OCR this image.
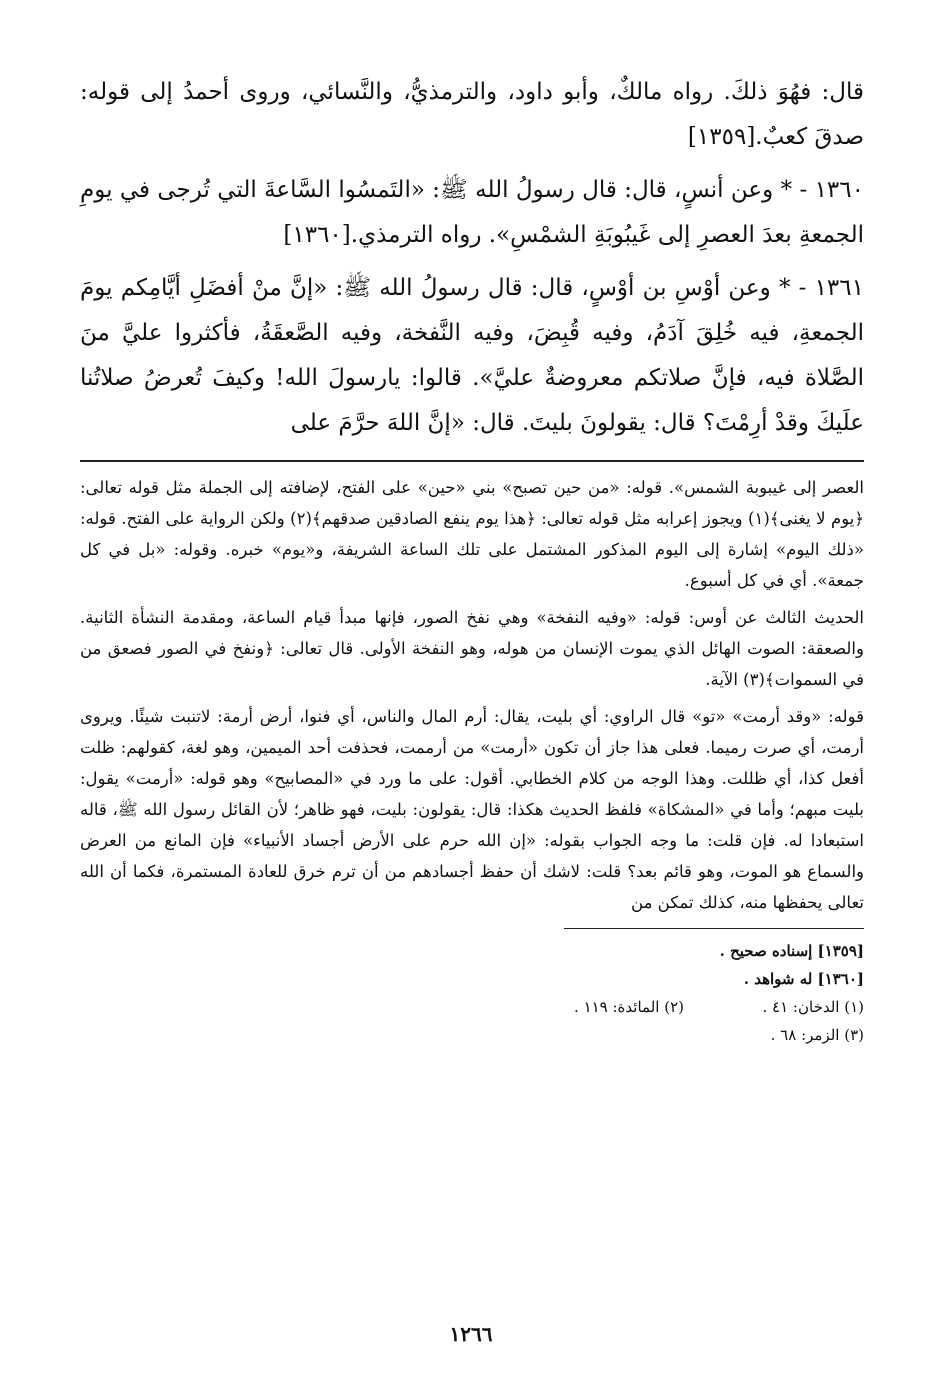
قال: فهُوَ ذلكَ. رواه مالكٌ، وأبو داود، والترمذيُّ، والنَّسائي، وروى أحمدُ إلى قوله: صدقَ كعبٌ.[١٣٥٩]

١٣٦٠ - * وعن أنسٍ، قال: قال رسولُ الله ﷺ: «التَمسُوا السَّاعةَ التي تُرجى في يومِ الجمعةِ بعدَ العصرِ إلى غَيبُوبَةِ الشمْسِ». رواه الترمذي.[١٣٦٠]

١٣٦١ - * وعن أوْسِ بن أوْسٍ، قال: قال رسولُ الله ﷺ: «إنَّ منْ أفضَلِ أيَّامِكم يومَ الجمعةِ، فيه خُلِقَ آدَمُ، وفيه قُبِضَ، وفيه النَّفخة، وفيه الصَّعقَةُ، فأكثروا عليَّ منَ الصَّلاة فيه، فإنَّ صلاتكم معروضةٌ عليَّ». قالوا: يارسولَ الله! وكيفَ تُعرضُ صلاتُنا علَيكَ وقدْ أرِمْتَ؟ قال: يقولونَ بليتَ. قال: «إنَّ اللهَ حرَّمَ على

العصر إلى غيبوبة الشمس». قوله: «من حين تصبح» بني «حين» على الفتح، لإضافته إلى الجملة مثل قوله تعالى: ﴿يوم لا يغنى﴾(١) ويجوز إعرابه مثل قوله تعالى: ﴿هذا يوم ينفع الصادقين صدقهم﴾(٢) ولكن الرواية على الفتح. قوله: «ذلك اليوم» إشارة إلى اليوم المذكور المشتمل على تلك الساعة الشريفة، و«يوم» خبره. وقوله: «بل في كل جمعة». أي في كل أسبوع.

الحديث الثالث عن أوس: قوله: «وفيه النفخة» وهي نفخ الصور، فإنها مبدأ قيام الساعة، ومقدمة النشأة الثانية. والصعقة: الصوت الهائل الذي يموت الإنسان من هوله، وهو النفخة الأولى. قال تعالى: ﴿ونفخ في الصور فصعق من في السموات﴾(٣) الآية.

قوله: «وقد أرمت» «تو» قال الراوي: أي بليت، يقال: أرم المال والناس، أي فنوا، أرض أرمة: لاتنبت شيئًا. ويروى أرمت، أي صرت رميما. فعلى هذا جاز أن تكون «أرمت» من أرممت، فحذفت أحد الميمين، وهو لغة، كقولهم: ظلت أفعل كذا، أي ظللت. وهذا الوجه من كلام الخطابي. أقول: على ما ورد في «المصابيح» وهو قوله: «أرمت» يقول: بليت مبهم؛ وأما في «المشكاة» فلفظ الحديث هكذا: قال: يقولون: بليت، فهو ظاهر؛ لأن القائل رسول الله ﷺ، قاله استبعادا له. فإن قلت: ما وجه الجواب بقوله: «إن الله حرم على الأرض أجساد الأنبياء» فإن المانع من العرض والسماع هو الموت، وهو قائم بعد؟ قلت: لاشك أن حفظ أجسادهم من أن ترم خرق للعادة المستمرة، فكما أن الله تعالى يحفظها منه، كذلك تمكن من

[١٣٥٩] إسناده صحيح .
[١٣٦٠] له شواهد .
(١) الدخان: ٤١ .
(٢) المائدة: ١١٩ .
(٣) الزمر: ٦٨ .
١٢٦٦
